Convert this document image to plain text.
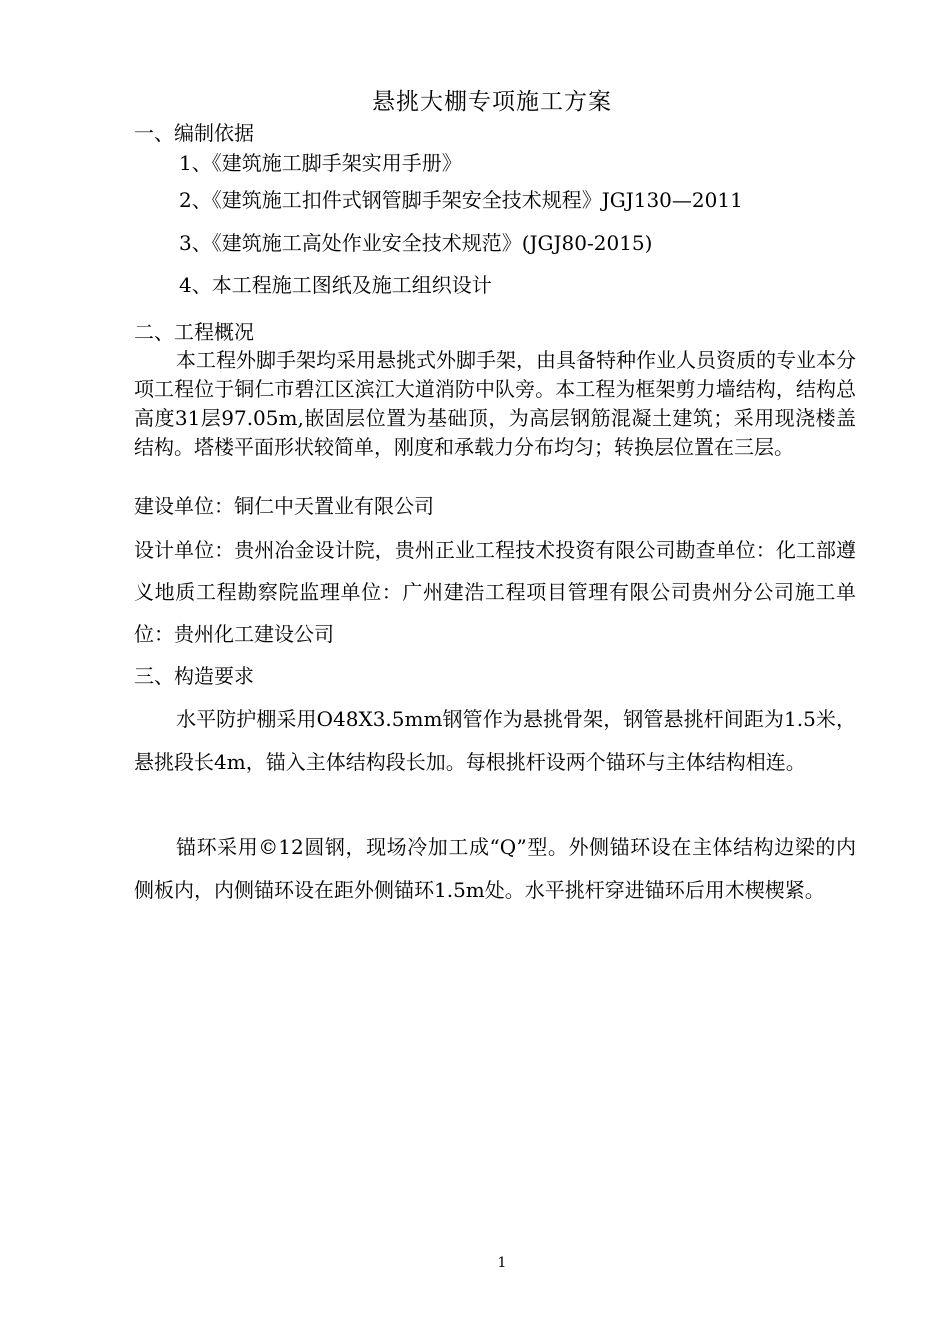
悬挑大棚专项施工方案
一、编制依据
1、《建筑施工脚手架实用手册》
2、《建筑施工扣件式钢管脚手架安全技术规程》JGJ130—2011
3、《建筑施工高处作业安全技术规范》(JGJ80-2015)
4、本工程施工图纸及施工组织设计
二、工程概况
本工程外脚手架均采用悬挑式外脚手架，由具备特种作业人员资质的专业本分项工程位于铜仁市碧江区滨江大道消防中队旁。本工程为框架剪力墙结构，结构总高度31层97.05m,嵌固层位置为基础顶，为高层钢筋混凝土建筑；采用现浇楼盖结构。塔楼平面形状较简单，刚度和承载力分布均匀；转换层位置在三层。
建设单位：铜仁中天置业有限公司
设计单位：贵州冶金设计院，贵州正业工程技术投资有限公司勘查单位：化工部遵义地质工程勘察院监理单位：广州建浩工程项目管理有限公司贵州分公司施工单位：贵州化工建设公司
三、构造要求
水平防护棚采用O48X3.5mm钢管作为悬挑骨架，钢管悬挑杆间距为1.5米，悬挑段长4m，锚入主体结构段长加。每根挑杆设两个锚环与主体结构相连。
锚环采用©12圆钢，现场冷加工成“Q”型。外侧锚环设在主体结构边梁的内侧板内，内侧锚环设在距外侧锚环1.5m处。水平挑杆穿进锚环后用木楔楔紧。
1
